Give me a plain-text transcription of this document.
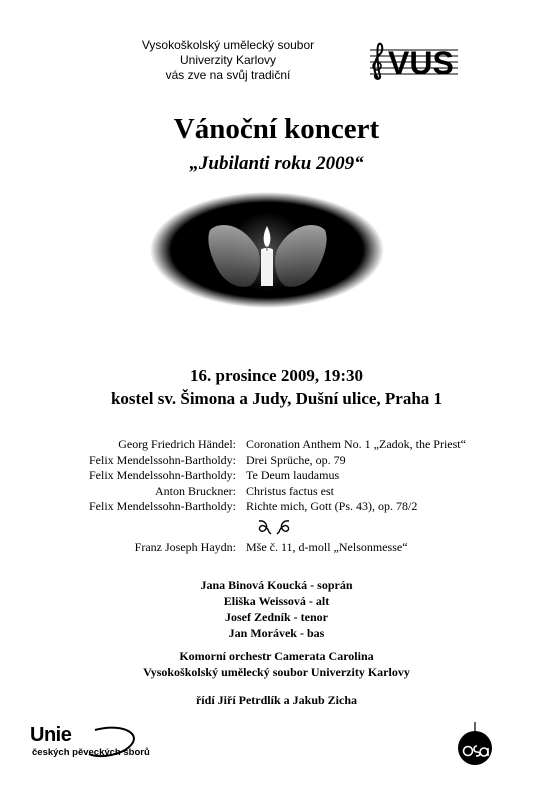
Vysokoškolský umělecký soubor
Univerzity Karlovy
vás zve na svůj tradiční	VUS
Vánoční koncert
„Jubilanti roku 2009“
16. prosince 2009, 19:30
kostel sv. Šimona a Judy, Dušní ulice, Praha 1
Georg Friedrich Händel: Coronation Anthem No. 1 „Zadok, the Priest“
Felix Mendelssohn-Bartholdy: Drei Sprüche, op. 79
Felix Mendelssohn-Bartholdy: Te Deum laudamus
Anton Bruckner: Christus factus est
Felix Mendelssohn-Bartholdy: Richte mich, Gott (Ps. 43), op. 78/2
Franz Joseph Haydn: Mše č. 11, d-moll „Nelsonmesse“
Jana Binová Koucká - soprán
Eliška Weissová - alt
Josef Zedník - tenor
Jan Morávek - bas
Komorní orchestr Camerata Carolina
Vysokoškolský umělecký soubor Univerzity Karlovy
řídí Jiří Petrdlík a Jakub Zicha
Unie
českých pěveckých sborů
